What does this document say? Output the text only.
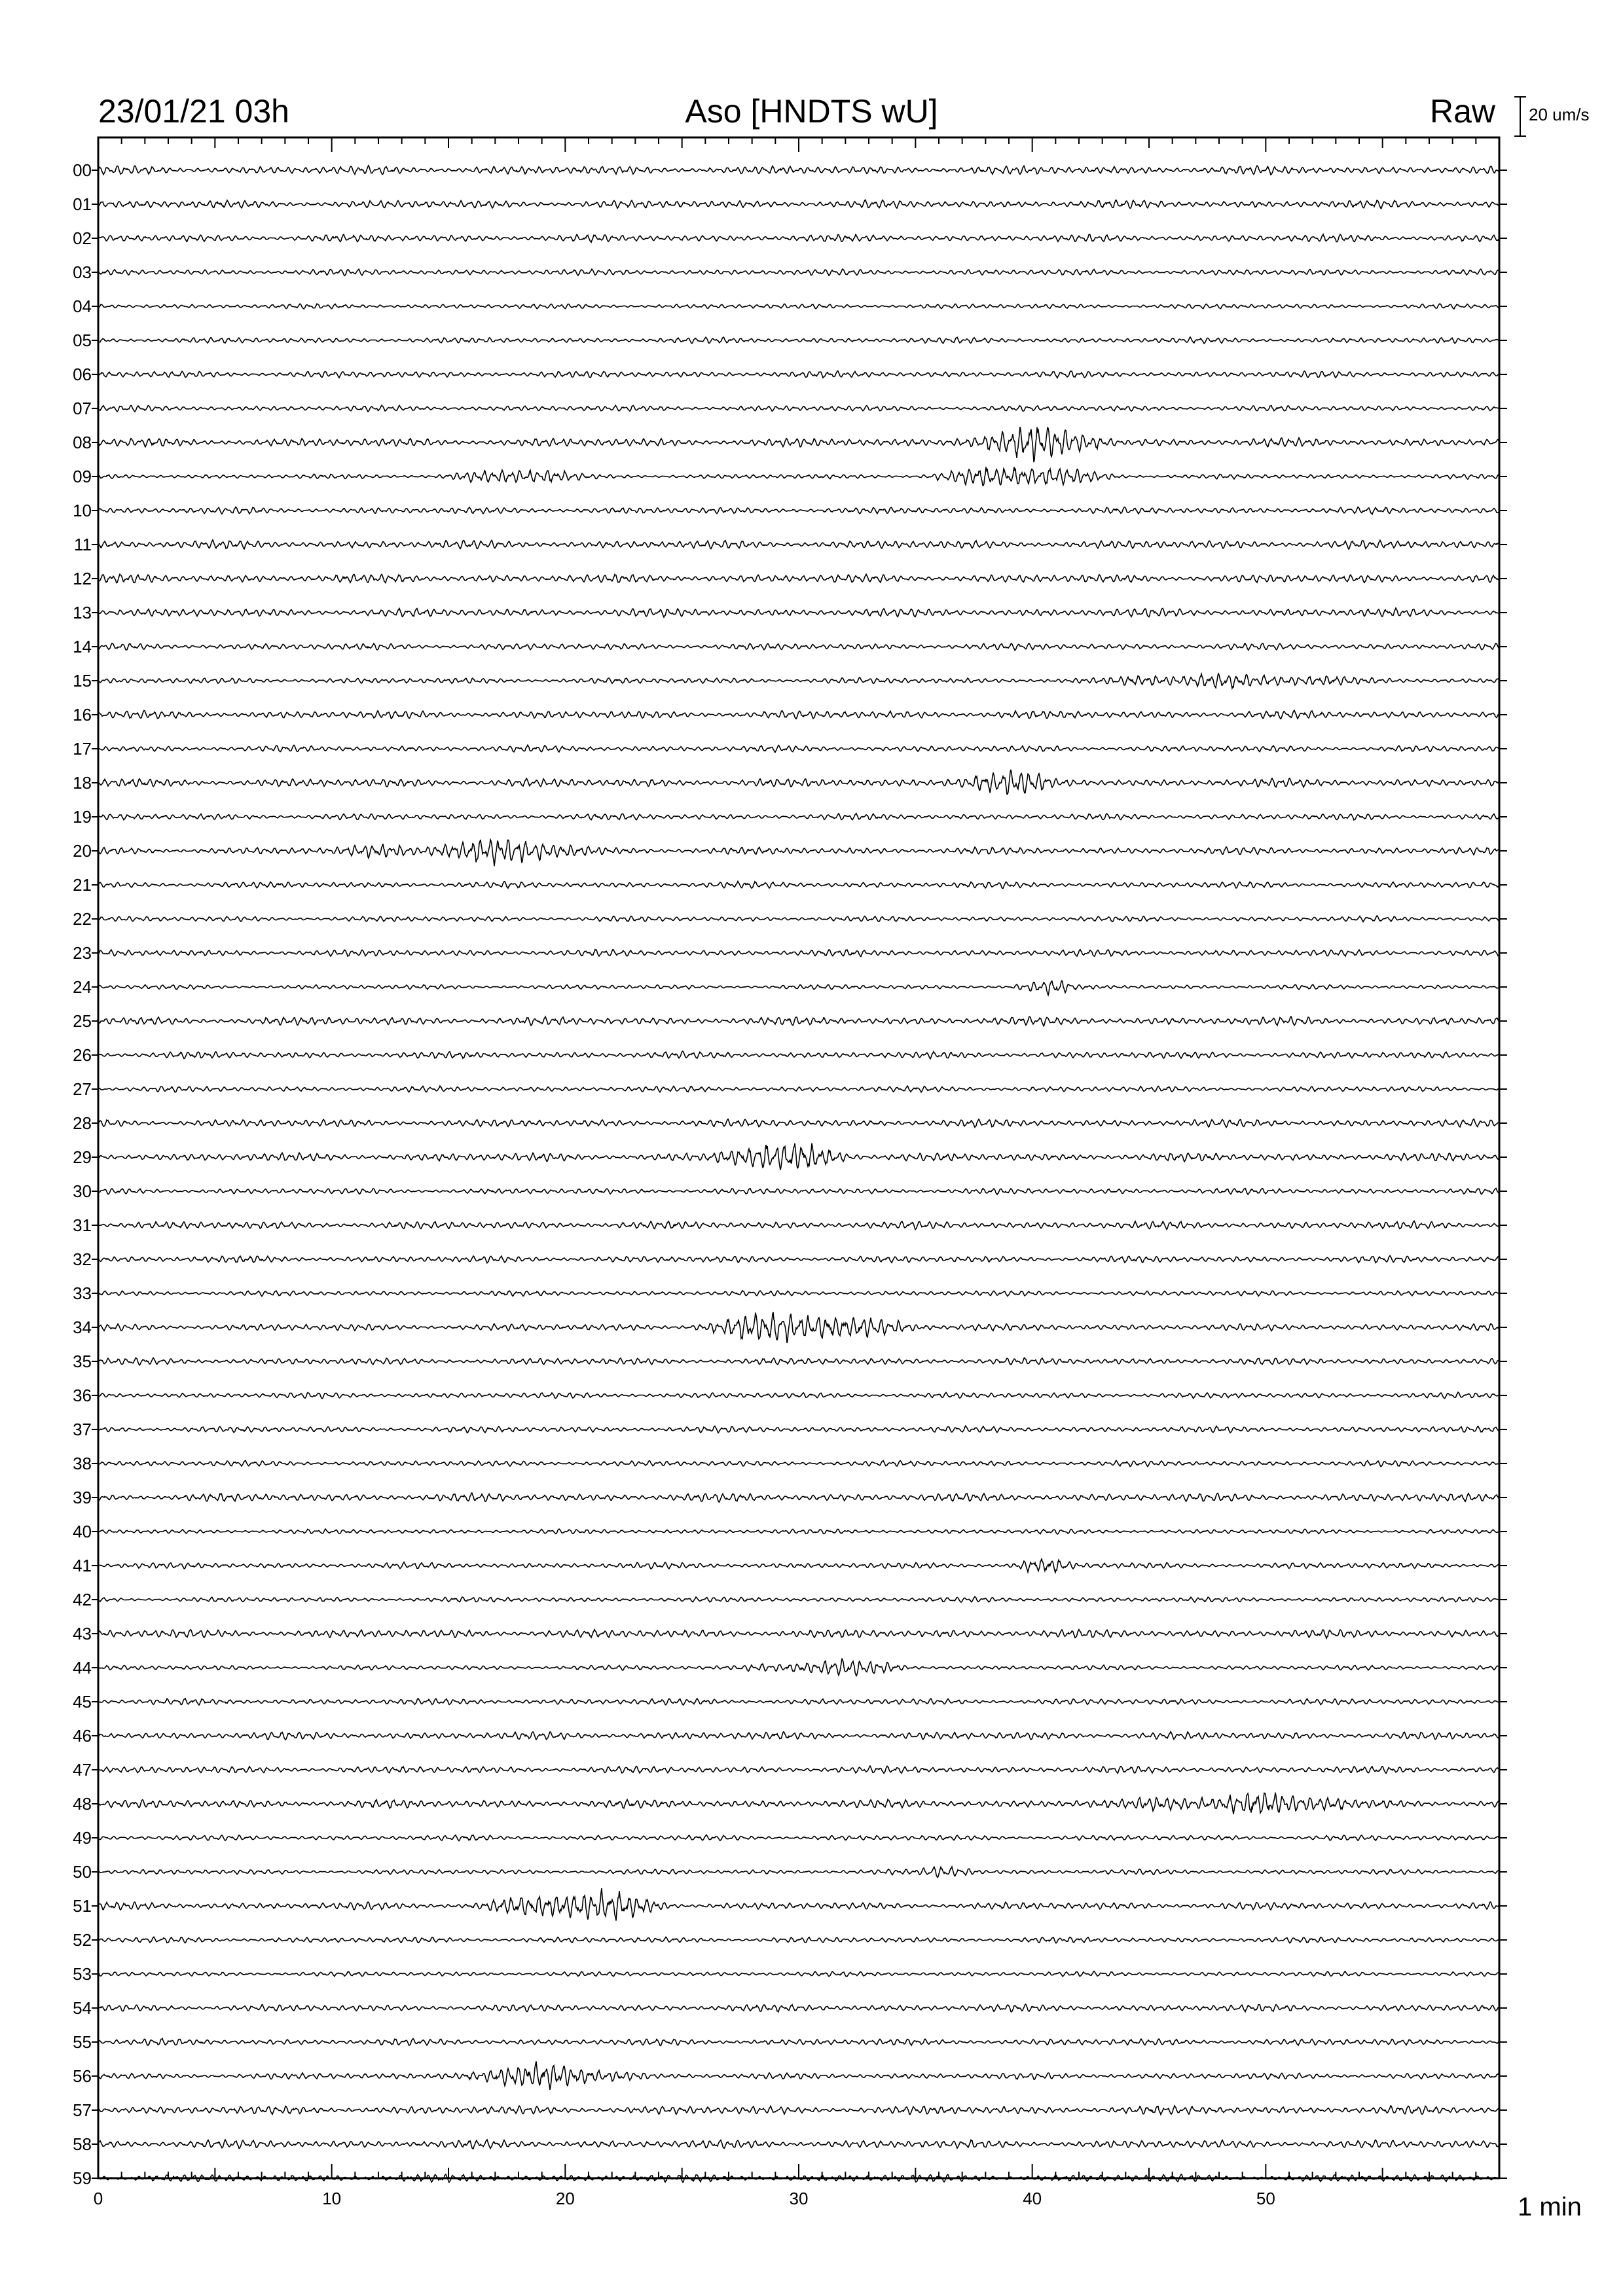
23/01/21 03h	Aso [HNDTS wU]	Raw 20 um/s
1 min
00
01
02
03
04
05
06
07
08
09
10
11
12
13
14
15
16
17
18
19
20
21
22
23
24
25
26
27
28
29
30
31
32
33
34
35
36
37
38
39
40
41
42
43
44
45
46
47
48
49
50
51
52
53
54
55
56
57
58
59
0	10	20	30	40	50
